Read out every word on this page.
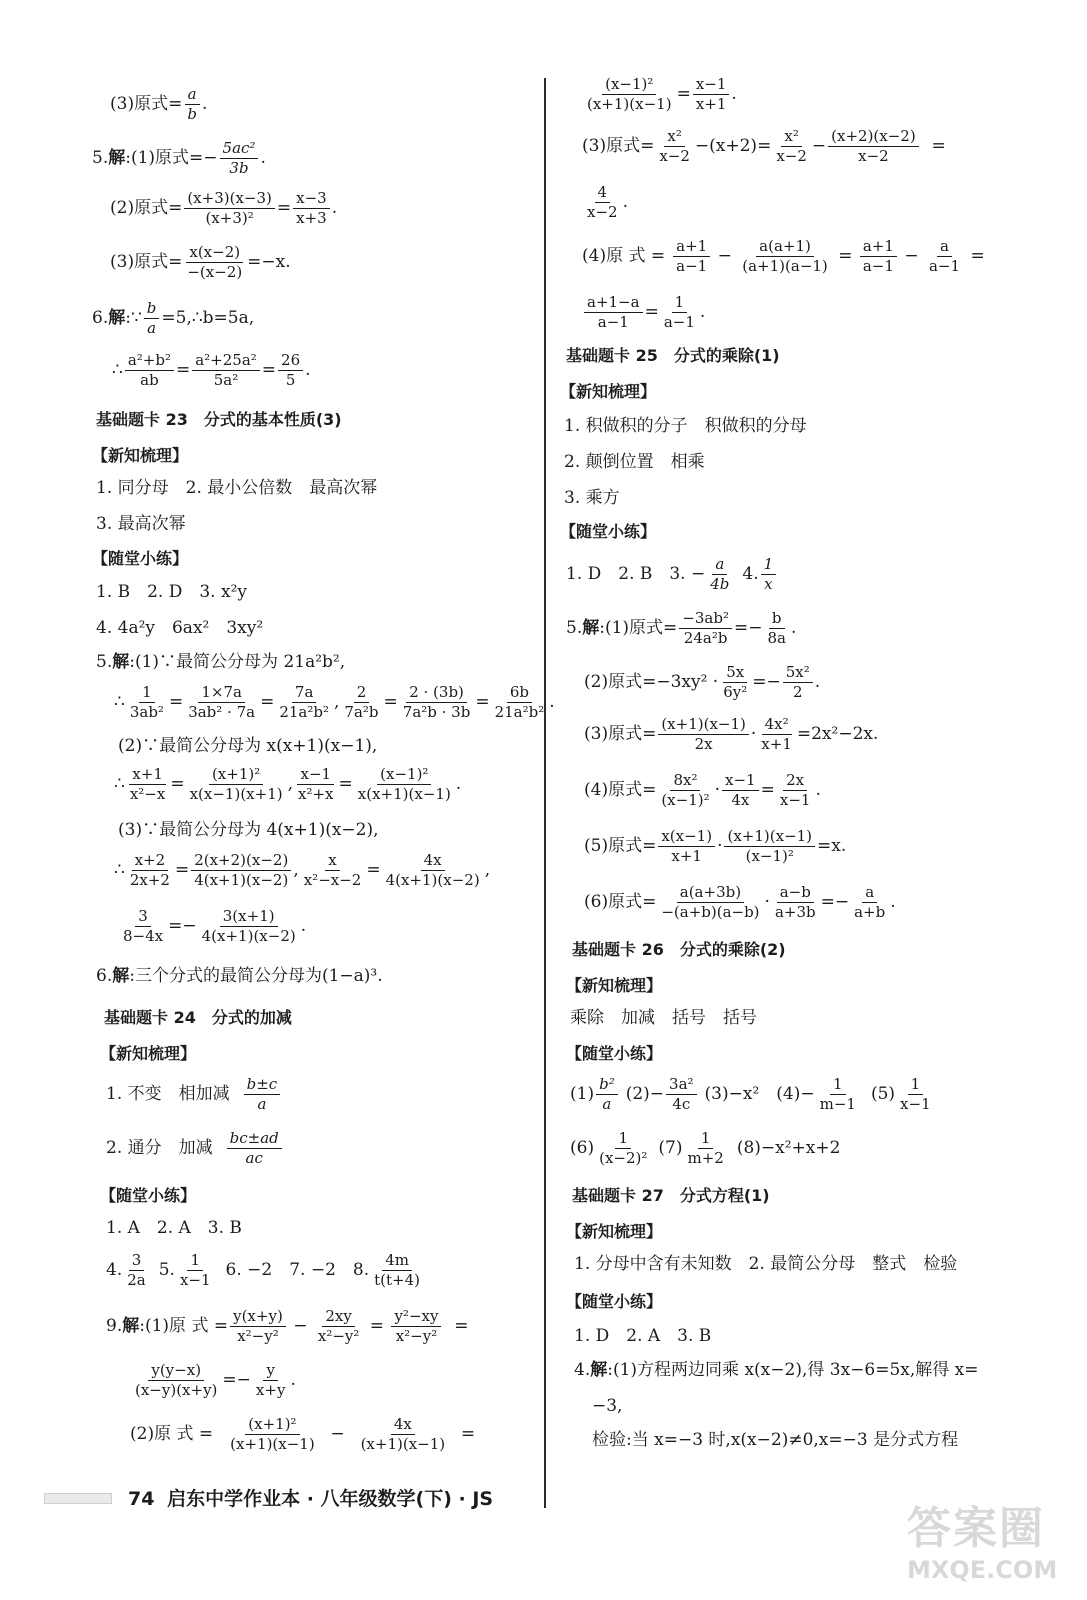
(3)原式= $\frac{a}{b}$ .
5. 解 :(1)原式=− $\frac{\text{5ac²}}{3b}$ .
(2)原式= $\frac{(x+3)(x-3)}{\text{(x+3)²}} = \frac{x-3}{x+3}$ .
(3)原式= $\frac{x(x-2)}{-(x-2)} =-x$.
6. 解 :∵ $\frac{b}{a}$ =5,∴b=5a,
∴ $\frac{\text{a²+b²}}{ab} = \frac{\text{a²+25a²}}{\text{5a²}} = \frac{26}{5}$ .
基础题卡 23　分式的基本性质(3)
【新知梳理】
1. 同分母　2. 最小公倍数　最高次幂
3. 最高次幂
【随堂小练】
1. B　2. D　3. x²y
4. 4a²y　6ax²　3xy²
5. 解 :(1)∵最简公分母为 21a²b²,
∴ $\frac{1}{\text{3ab²}} = \frac{1\times 7a}{\text{3ab² · 7a}} = \frac{7a}{\text{21a²b²}}$ , $\frac{2}{\text{7a²b}} = \frac{2 \cdot (3b)}{\text{7a²b · 3b}} = \frac{6b}{\text{21a²b²}}$ .
(2)∵最简公分母为 x(x+1)(x−1),
∴ $\frac{x+1}{\text{x²−x}} = \frac{\text{(x+1)²}}{x(x-1)(x+1)}$ , $\frac{x-1}{\text{x²+x}} = \frac{\text{(x−1)²}}{x(x+1)(x-1)}$ .
(3)∵最简公分母为 4(x+1)(x−2),
∴ $\frac{x+2}{2x+2} = \frac{2(x+2)(x-2)}{4(x+1)(x-2)}$ , $\frac{x}{\text{x²−x−2}} = \frac{4x}{4(x+1)(x-2)}$ ,
$\frac{3}{8-4x} =- \frac{3(x+1)}{4(x+1)(x-2)}$ .
6. 解 :三个分式的最简公分母为(1−a)³.
基础题卡 24　分式的加减
【新知梳理】
1. 不变　相加减 $\frac{b\pm c}{a}$
2. 通分　加减 $\frac{bc\pm ad}{ac}$
【随堂小练】
1. A　2. A　3. B
4. $\frac{3}{2a} 5$. $\frac{1}{x-1} 6$. −2　7. −2　8. $\frac{4m}{t(t+4)}$
9. 解 :(1)原 式 = $\frac{y(x+y)}{\text{x²−y²}} - \frac{2xy}{\text{x²−y²}} = \frac{\text{y²−xy}}{\text{x²−y²}}$ =
$\frac{y(y-x)}{(x-y)(x+y)} =- \frac{y}{x+y}$ .
(2)原 式 = $\frac{\text{(x+1)²}}{(x+1)(x-1)} - \frac{4x}{(x+1)(x-1)}$ =
$\frac{\text{(x−1)²}}{(x+1)(x-1)} = \frac{x-1}{x+1}$ .
(3)原式= $\frac{\text{x²}}{x-2} -(x+2)= \frac{\text{x²}}{x-2} - \frac{(x+2)(x-2)}{x-2}$ =
$\frac{4}{x-2}$ .
(4)原 式 = $\frac{a+1}{a-1} - \frac{a(a+1)}{(a+1)(a-1)} = \frac{a+1}{a-1} - \frac{a}{a-1}$ =
$\frac{a+1-a}{a-1} = \frac{1}{a-1}$ .
基础题卡 25　分式的乘除(1)
【新知梳理】
1. 积做积的分子　积做积的分母
2. 颠倒位置　相乘
3. 乘方
【随堂小练】
1. D　2. B　3. − $\frac{a}{4b} 4$. $\frac{1}{x}$
5. 解 :(1)原式= $\frac{\text{−3ab²}}{\text{24a²b}} =- \frac{b}{8a}$ .
(2)原式$=-3xy^2 \cdot \frac{5x}{\text{6y²}} =- \frac{\text{5x²}}{2}$ .
(3)原式= $\frac{(x+1)(x-1)}{2x} \cdot \frac{\text{4x²}}{x+1} =2x^2-2x$.
(4)原式= $\frac{\text{8x²}}{\text{(x−1)²}} \cdot \frac{x-1}{4x} = \frac{2x}{x-1}$ .
(5)原式= $\frac{x(x-1)}{x+1} \cdot \frac{(x+1)(x-1)}{\text{(x−1)²}} =x$.
(6)原式= $\frac{a(a+3b)}{-(a+b)(a-b)} \cdot \frac{a-b}{a+3b} =- \frac{a}{a+b}$ .
基础题卡 26　分式的乘除(2)
【新知梳理】
乘除　加减　括号　括号
【随堂小练】
$(1) \frac{\text{b²}}{a} (2)- \frac{\text{3a²}}{4c} (3)-x^2$　$(4)- \frac{1}{m-1} (5) \frac{1}{x-1}$
$(6) \frac{1}{\text{(x−2)²}} (7) \frac{1}{m+2} (8)-x^2+x+2$
基础题卡 27　分式方程(1)
【新知梳理】
1. 分母中含有未知数　2. 最简公分母　整式　检验
【随堂小练】
1. D　2. A　3. B
4. 解 :(1)方程两边同乘 x(x−2),得 3x−6=5x,解得 x=
−3,
检验:当 x=−3 时,x(x−2)≠0,x=−3 是分式方程
74 启东中学作业本 · 八年级数学(下) · JS
答案圈
MXQE.COM
